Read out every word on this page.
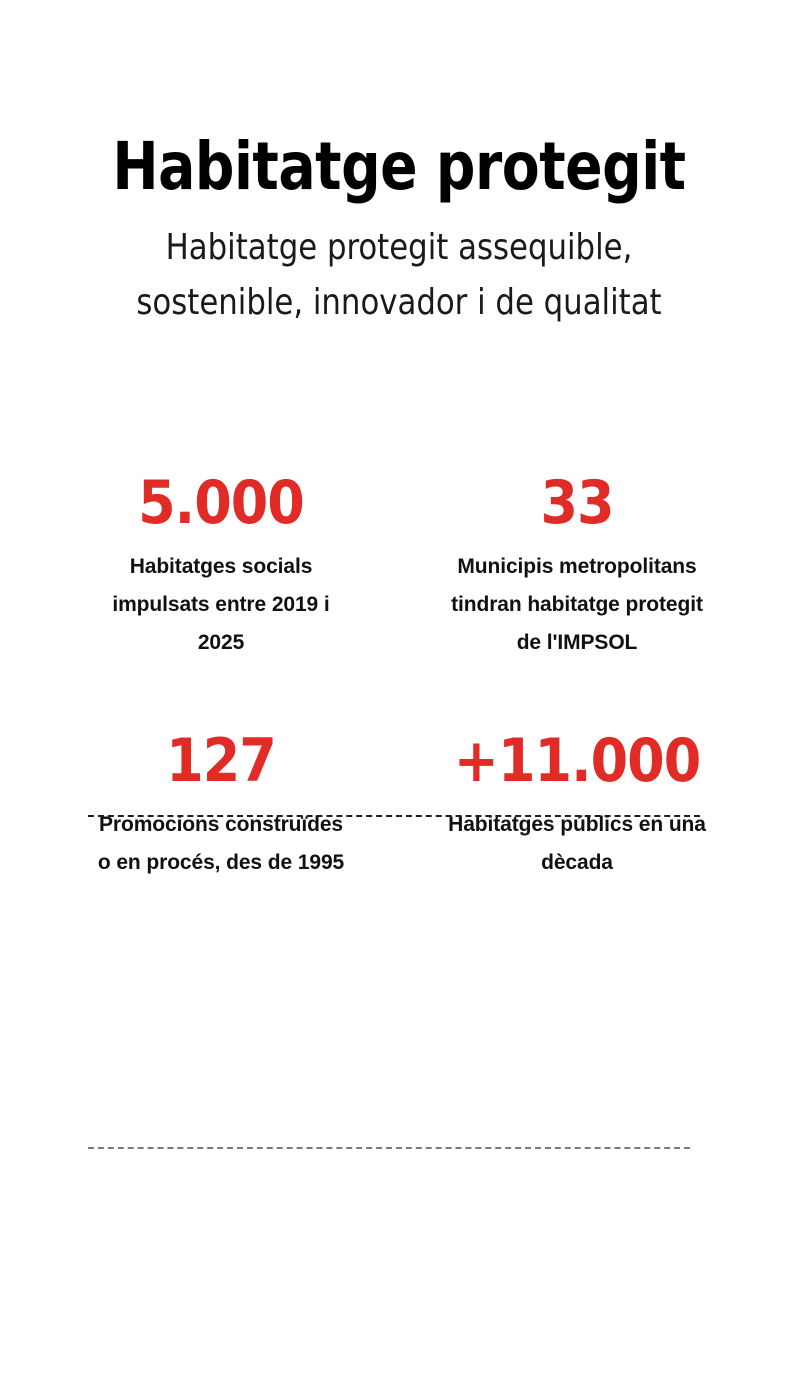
Habitatge protegit

Habitatge protegit assequible, sostenible, innovador i de qualitat

5.000
Habitatges socials impulsats entre 2019 i 2025
33
Municipis metropolitans tindran habitatge protegit de l'IMPSOL
127
Promocions construïdes o en procés, des de 1995
+11.000
Habitatges públics en una dècada
